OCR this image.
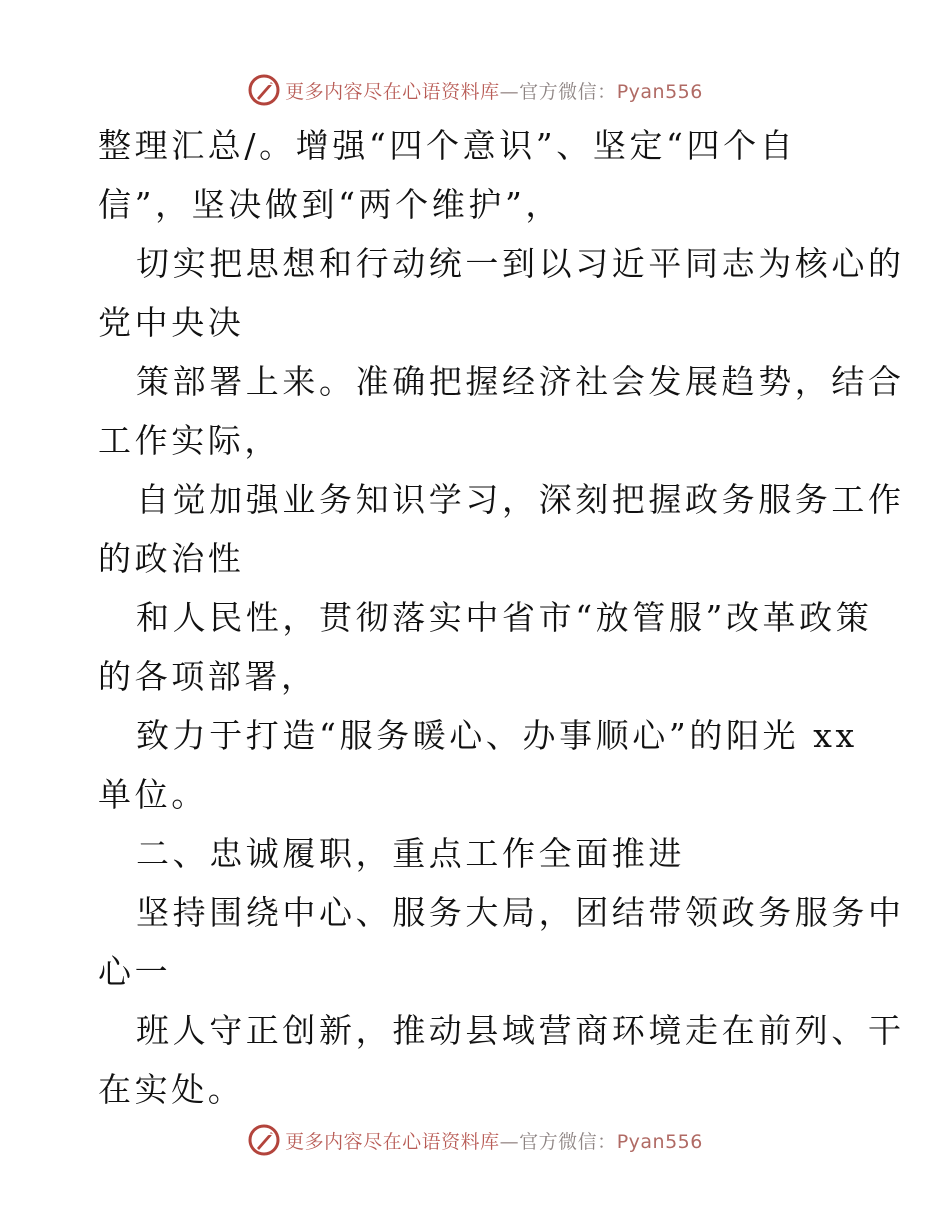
更多内容尽在心语资料库—官方微信：Pyan556
整理汇总/。增强“四个意识”、坚定“四个自
信”，坚决做到“两个维护”，
切实把思想和行动统一到以习近平同志为核心的
党中央决
策部署上来。准确把握经济社会发展趋势，结合
工作实际，
自觉加强业务知识学习，深刻把握政务服务工作
的政治性
和人民性，贯彻落实中省市“放管服”改革政策
的各项部署，
致力于打造“服务暖心、办事顺心”的阳光 xx
单位。
二、忠诚履职，重点工作全面推进
坚持围绕中心、服务大局，团结带领政务服务中
心一
班人守正创新，推动县域营商环境走在前列、干
在实处。
更多内容尽在心语资料库—官方微信：Pyan556
